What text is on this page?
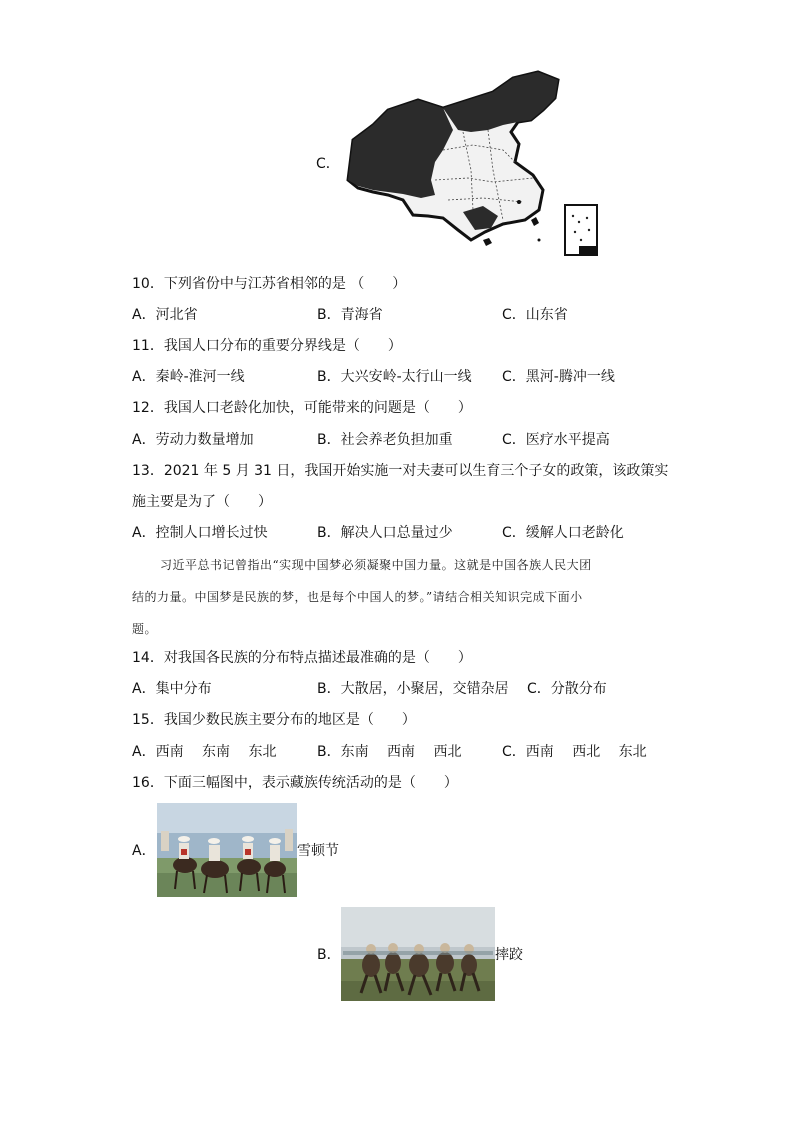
C．
10．下列省份中与江苏省相邻的是 （　　）
A．河北省	B．青海省	C．山东省
11．我国人口分布的重要分界线是（　　）
A．秦岭-淮河一线	B．大兴安岭-太行山一线 C．黑河-腾冲一线
12．我国人口老龄化加快，可能带来的问题是（　　）
A．劳动力数量增加	B．社会养老负担加重	C．医疗水平提高
13．2021 年 5 月 31 日，我国开始实施一对夫妻可以生育三个子女的政策，该政策实
施主要是为了（　　）
A．控制人口增长过快	B．解决人口总量过少	C．缓解人口老龄化
习近平总书记曾指出“实现中国梦必须凝聚中国力量。这就是中国各族人民大团
结的力量。中国梦是民族的梦，也是每个中国人的梦。”请结合相关知识完成下面小
题。
14．对我国各民族的分布特点描述最准确的是（　　）
A．集中分布	B．大散居，小聚居，交错杂居 C．分散分布
15．我国少数民族主要分布的地区是（　　）
A．西南　 东南　 东北	B．东南　 西南　 西北	C．西南　 西北　 东北
16．下面三幅图中，表示藏族传统活动的是（　　）
A．	雪顿节
B．	摔跤
